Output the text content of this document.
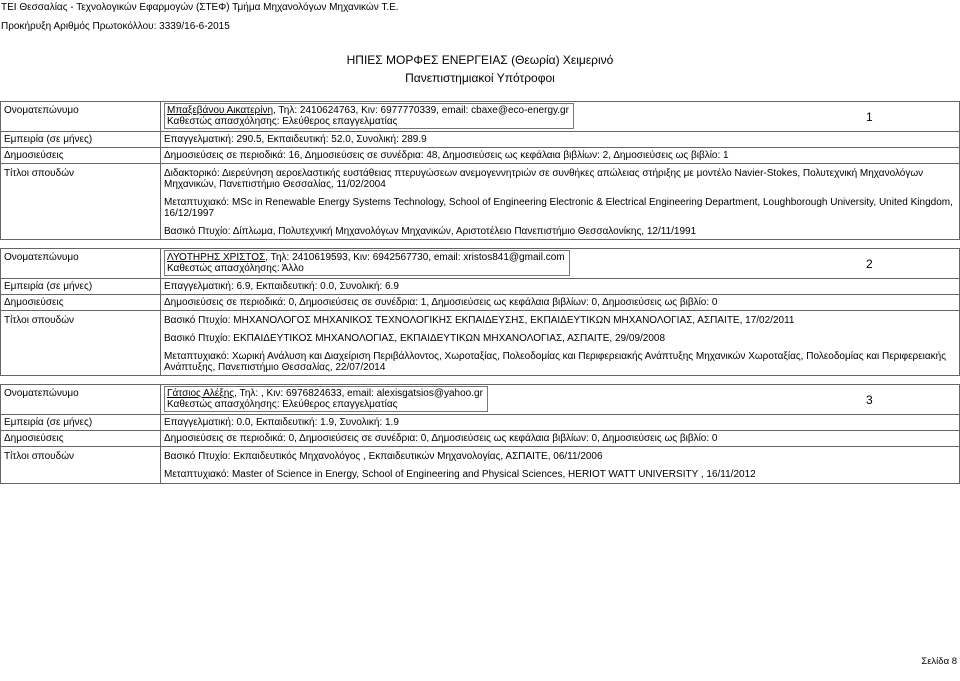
ΤΕΙ Θεσσαλίας - Τεχνολογικών Εφαρμογών (ΣΤΕΦ) Τμήμα Μηχανολόγων Μηχανικών Τ.Ε.
Προκήρυξη Αριθμός Πρωτοκόλλου: 3339/16-6-2015
ΗΠΙΕΣ ΜΟΡΦΕΣ ΕΝΕΡΓΕΙΑΣ (Θεωρία) Χειμερινό
Πανεπιστημιακοί Υπότροφοι
Ονοματεπώνυμο	Μπαξεβάνου Αικατερίνη, Τηλ: 2410624763, Κιν: 6977770339, email: cbaxe@eco-energy.gr
Καθεστώς απασχόλησης: Ελεύθερος επαγγελματίας	1
Εμπειρία (σε μήνες)	Επαγγελματική: 290.5, Εκπαιδευτική: 52.0, Συνολική: 289.9
Δημοσιεύσεις	Δημοσιεύσεις σε περιοδικά: 16, Δημοσιεύσεις σε συνέδρια: 48, Δημοσιεύσεις ως κεφάλαια βιβλίων: 2, Δημοσιεύσεις ως βιβλίο: 1
Τίτλοι σπουδών	Διδακτορικό: Διερεύνηση αεροελαστικής ευστάθειας πτερυγώσεων ανεμογεννητριών σε συνθήκες απώλειας στήριξης με μοντέλο Navier-Stokes, Πολυτεχνική Μηχανολόγων Μηχανικών, Πανεπιστήμιο Θεσσαλίας, 11/02/2004

Μεταπτυχιακό: MSc in Renewable Energy Systems Technology, School of Engineering Electronic & Electrical Engineering Department, Loughborough University, United Kingdom, 16/12/1997

Βασικό Πτυχίο: Δίπλωμα, Πολυτεχνική Μηχανολόγων Μηχανικών, Αριστοτέλειο Πανεπιστήμιο Θεσσαλονίκης, 12/11/1991

Ονοματεπώνυμο	ΛΥΟΤΗΡΗΣ ΧΡΙΣΤΟΣ, Τηλ: 2410619593, Κιν: 6942567730, email: xristos841@gmail.com
Καθεστώς απασχόλησης: Άλλο	2
Εμπειρία (σε μήνες)	Επαγγελματική: 6.9, Εκπαιδευτική: 0.0, Συνολική: 6.9
Δημοσιεύσεις	Δημοσιεύσεις σε περιοδικά: 0, Δημοσιεύσεις σε συνέδρια: 1, Δημοσιεύσεις ως κεφάλαια βιβλίων: 0, Δημοσιεύσεις ως βιβλίο: 0
Τίτλοι σπουδών	Βασικό Πτυχίο: ΜΗΧΑΝΟΛΟΓΟΣ ΜΗΧΑΝΙΚΟΣ ΤΕΧΝΟΛΟΓΙΚΗΣ ΕΚΠΑΙΔΕΥΣΗΣ, ΕΚΠΑΙΔΕΥΤΙΚΩΝ ΜΗΧΑΝΟΛΟΓΙΑΣ, ΑΣΠΑΙΤΕ, 17/02/2011

Βασικό Πτυχίο: ΕΚΠΑΙΔΕΥΤΙΚΟΣ ΜΗΧΑΝΟΛΟΓΙΑΣ, ΕΚΠΑΙΔΕΥΤΙΚΩΝ ΜΗΧΑΝΟΛΟΓΙΑΣ, ΑΣΠΑΙΤΕ, 29/09/2008

Μεταπτυχιακό: Χωρική Ανάλυση και Διαχείριση Περιβάλλοντος, Χωροταξίας, Πολεοδομίας και Περιφερειακής Ανάπτυξης Μηχανικών Χωροταξίας, Πολεοδομίας και Περιφερειακής Ανάπτυξης, Πανεπιστήμιο Θεσσαλίας, 22/07/2014

Ονοματεπώνυμο	Γάτσιος Αλέξης, Τηλ: , Κιν: 6976824633, email: alexisgatsios@yahoo.gr
Καθεστώς απασχόλησης: Ελεύθερος επαγγελματίας	3
Εμπειρία (σε μήνες)	Επαγγελματική: 0.0, Εκπαιδευτική: 1.9, Συνολική: 1.9
Δημοσιεύσεις	Δημοσιεύσεις σε περιοδικά: 0, Δημοσιεύσεις σε συνέδρια: 0, Δημοσιεύσεις ως κεφάλαια βιβλίων: 0, Δημοσιεύσεις ως βιβλίο: 0
Τίτλοι σπουδών	Βασικό Πτυχίο: Εκπαιδευτικός Μηχανολόγος , Εκπαιδευτικών Μηχανολογίας, ΑΣΠΑΙΤΕ, 06/11/2006

Μεταπτυχιακό: Master of Science in Energy, School of Engineering and Physical Sciences, HERIOT WATT UNIVERSITY , 16/11/2012

Σελίδα 8
